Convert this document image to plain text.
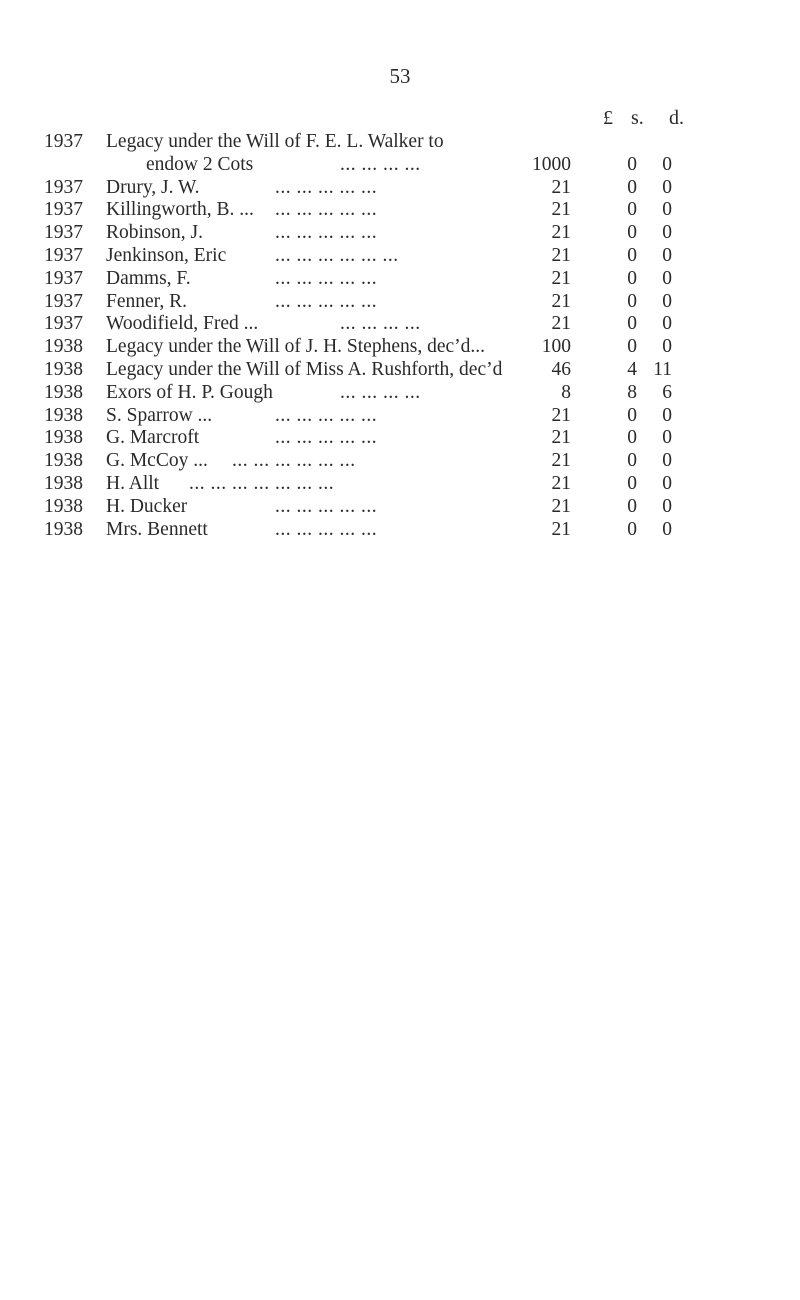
53
£ s. d.
1937 Legacy under the Will of F. E. L. Walker to
endow 2 Cots	... ... ... ...	1000	0 0
1937 Drury, J. W.	... ... ... ... ...	21	0 0
1937 Killingworth, B. ... ... ... ... ... ...	21	0 0
1937 Robinson, J.	... ... ... ... ...	21	0 0
1937 Jenkinson, Eric	... ... ... ... ... ...	21	0 0
1937 Damms, F.	... ... ... ... ...	21	0 0
1937 Fenner, R.	... ... ... ... ...	21	0 0
1937 Woodifield, Fred ...	... ... ... ...	21	0 0
1938 Legacy under the Will of J. H. Stephens, dec’d...	100	0 0
1938 Legacy under the Will of Miss A. Rushforth, dec’d	46	4 11
1938 Exors of H. P. Gough	... ... ... ...	8	8 6
1938 S. Sparrow ...	... ... ... ... ...	21	0 0
1938 G. Marcroft	... ... ... ... ...	21	0 0
1938 G. McCoy ... ... ... ... ... ... ...	21	0 0
1938 H. Allt ... ... ... ... ... ... ...	21	0 0
1938 H. Ducker	... ... ... ... ...	21	0 0
1938 Mrs. Bennett	... ... ... ... ...	21	0 0
